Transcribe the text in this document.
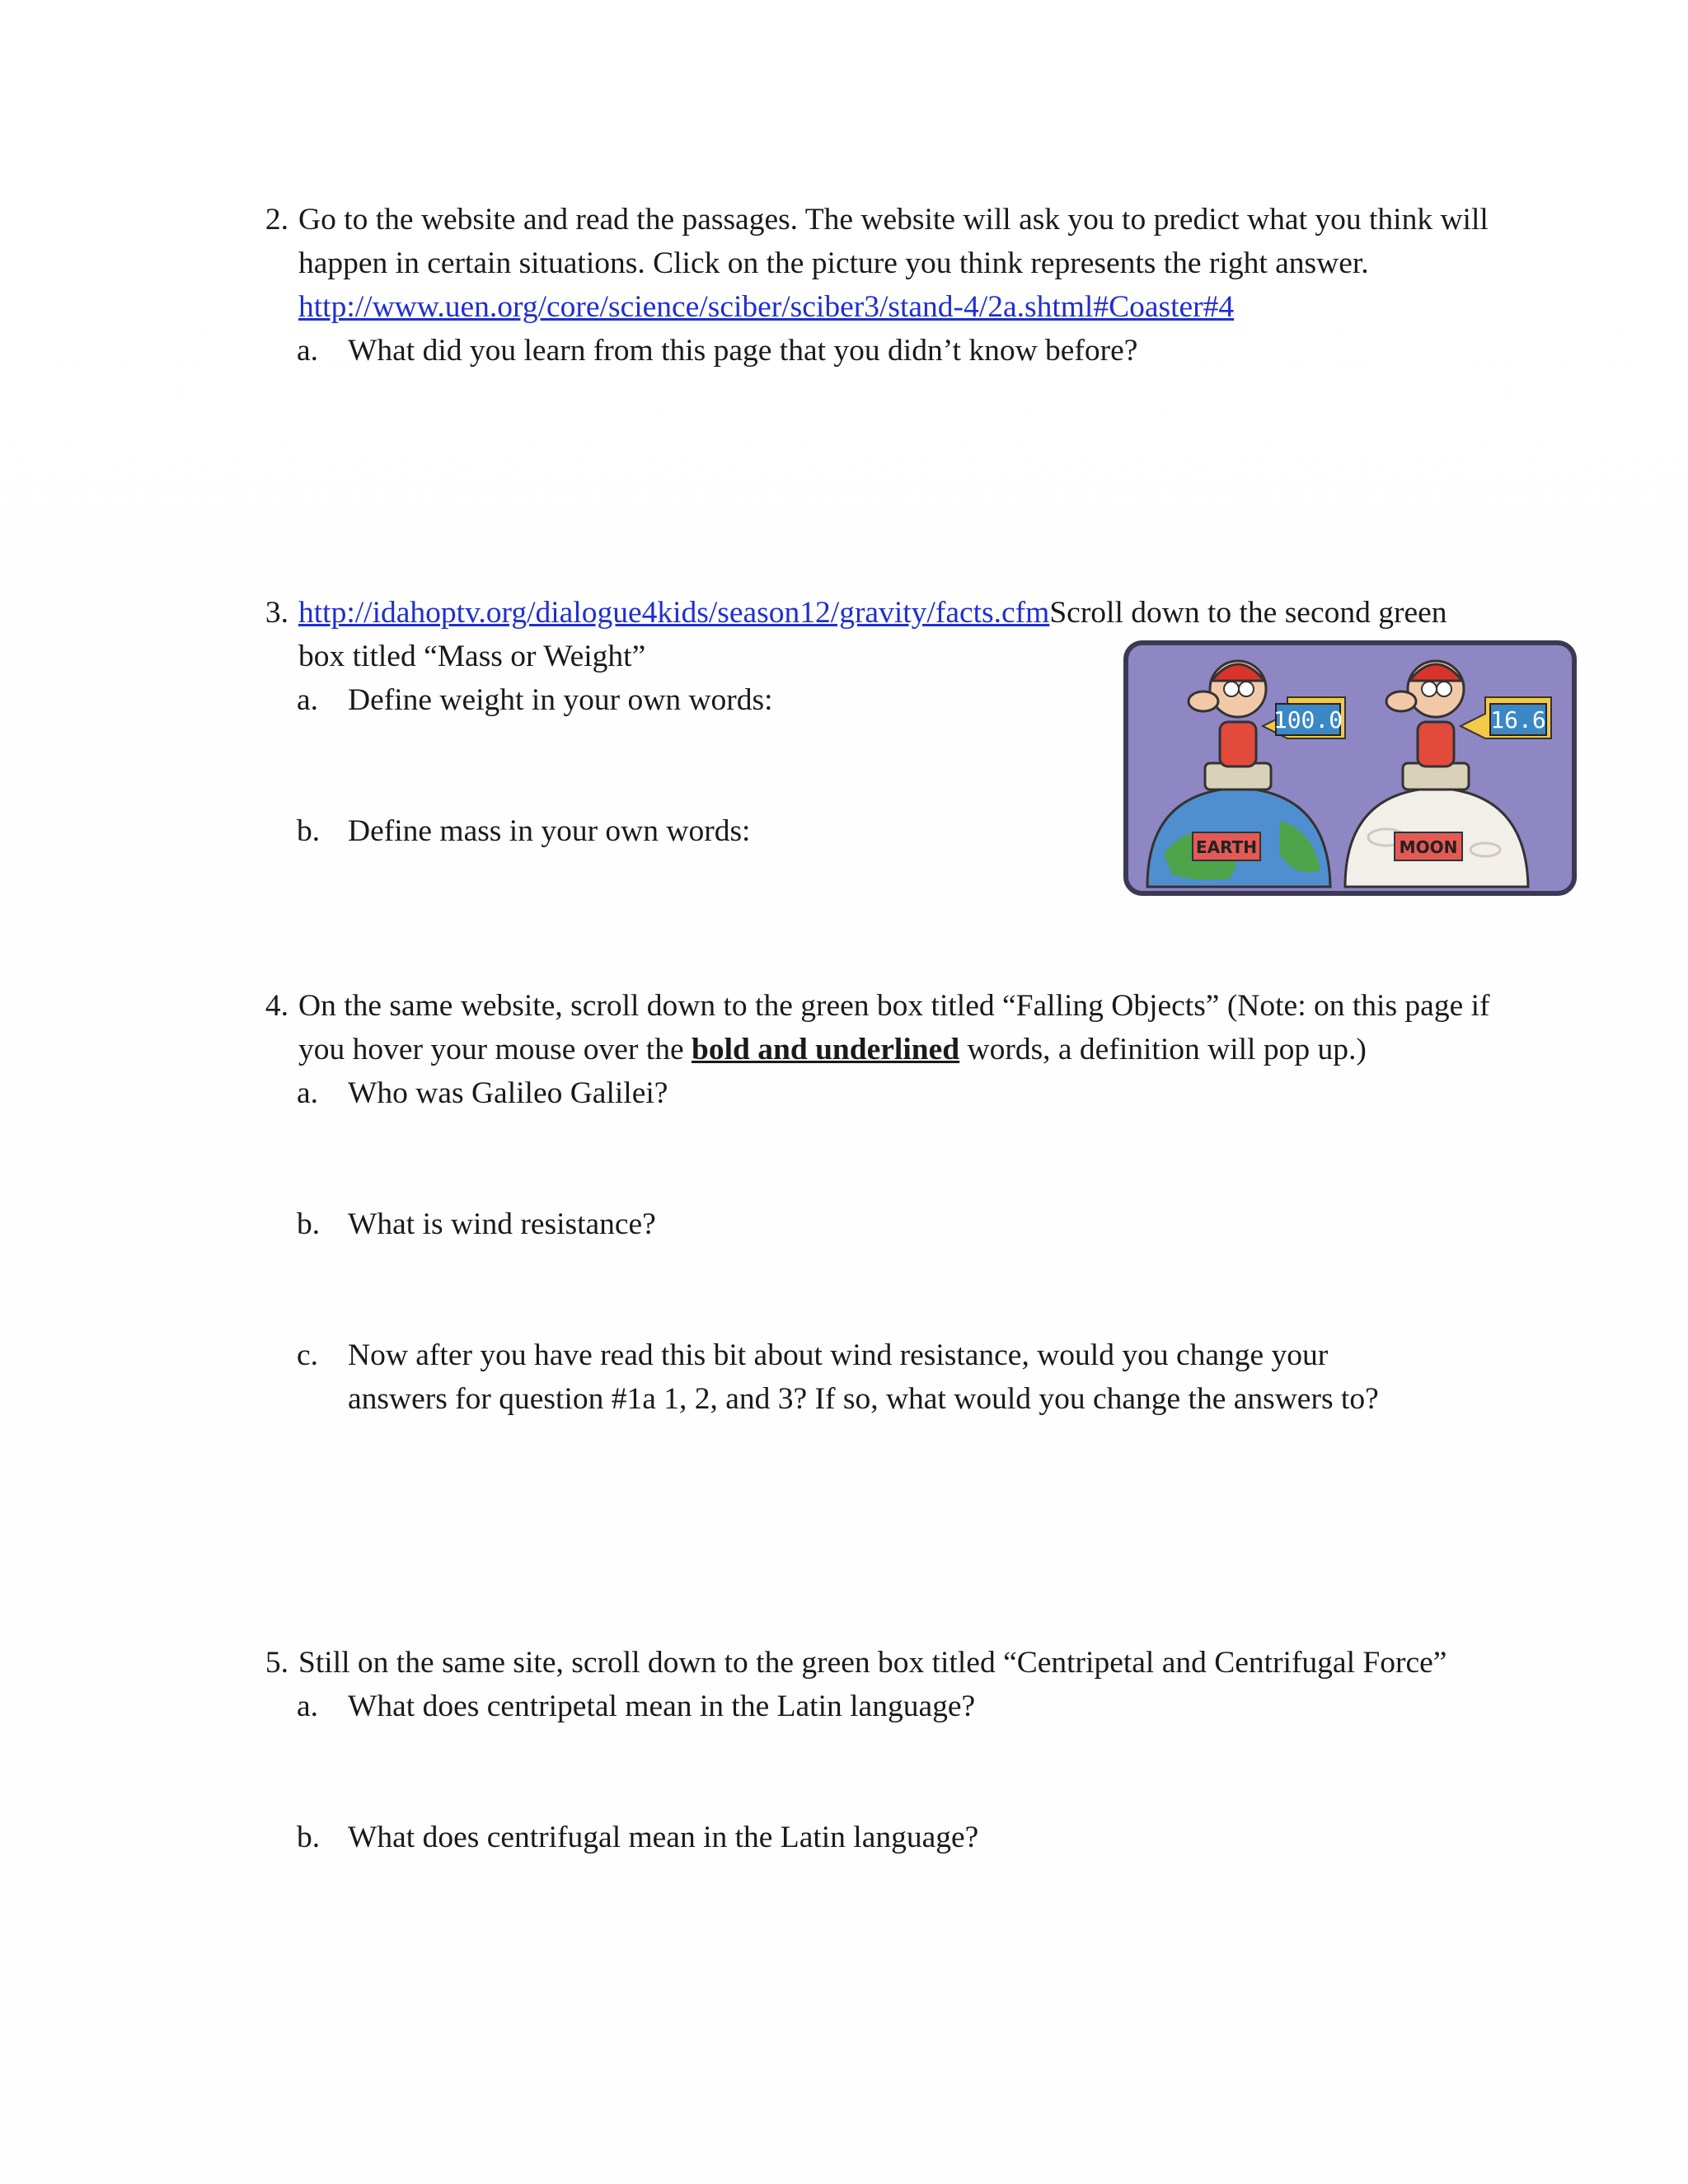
2. Go to the website and read the passages. The website will ask you to predict what you think will happen in certain situations. Click on the picture you think represents the right answer. http://www.uen.org/core/science/sciber/sciber3/stand-4/2a.shtml#Coaster#4
a. What did you learn from this page that you didn’t know before?
3. http://idahoptv.org/dialogue4kids/season12/gravity/facts.cfmScroll down to the second green box titled “Mass or Weight”
a. Define weight in your own words:
b. Define mass in your own words:
100.0	16.6
EARTH	MOON
4. On the same website, scroll down to the green box titled “Falling Objects” (Note: on this page if you hover your mouse over the bold and underlined words, a definition will pop up.)
a. Who was Galileo Galilei?
b. What is wind resistance?
c. Now after you have read this bit about wind resistance, would you change your answers for question #1a 1, 2, and 3? If so, what would you change the answers to?
5. Still on the same site, scroll down to the green box titled “Centripetal and Centrifugal Force”
a. What does centripetal mean in the Latin language?
b. What does centrifugal mean in the Latin language?
